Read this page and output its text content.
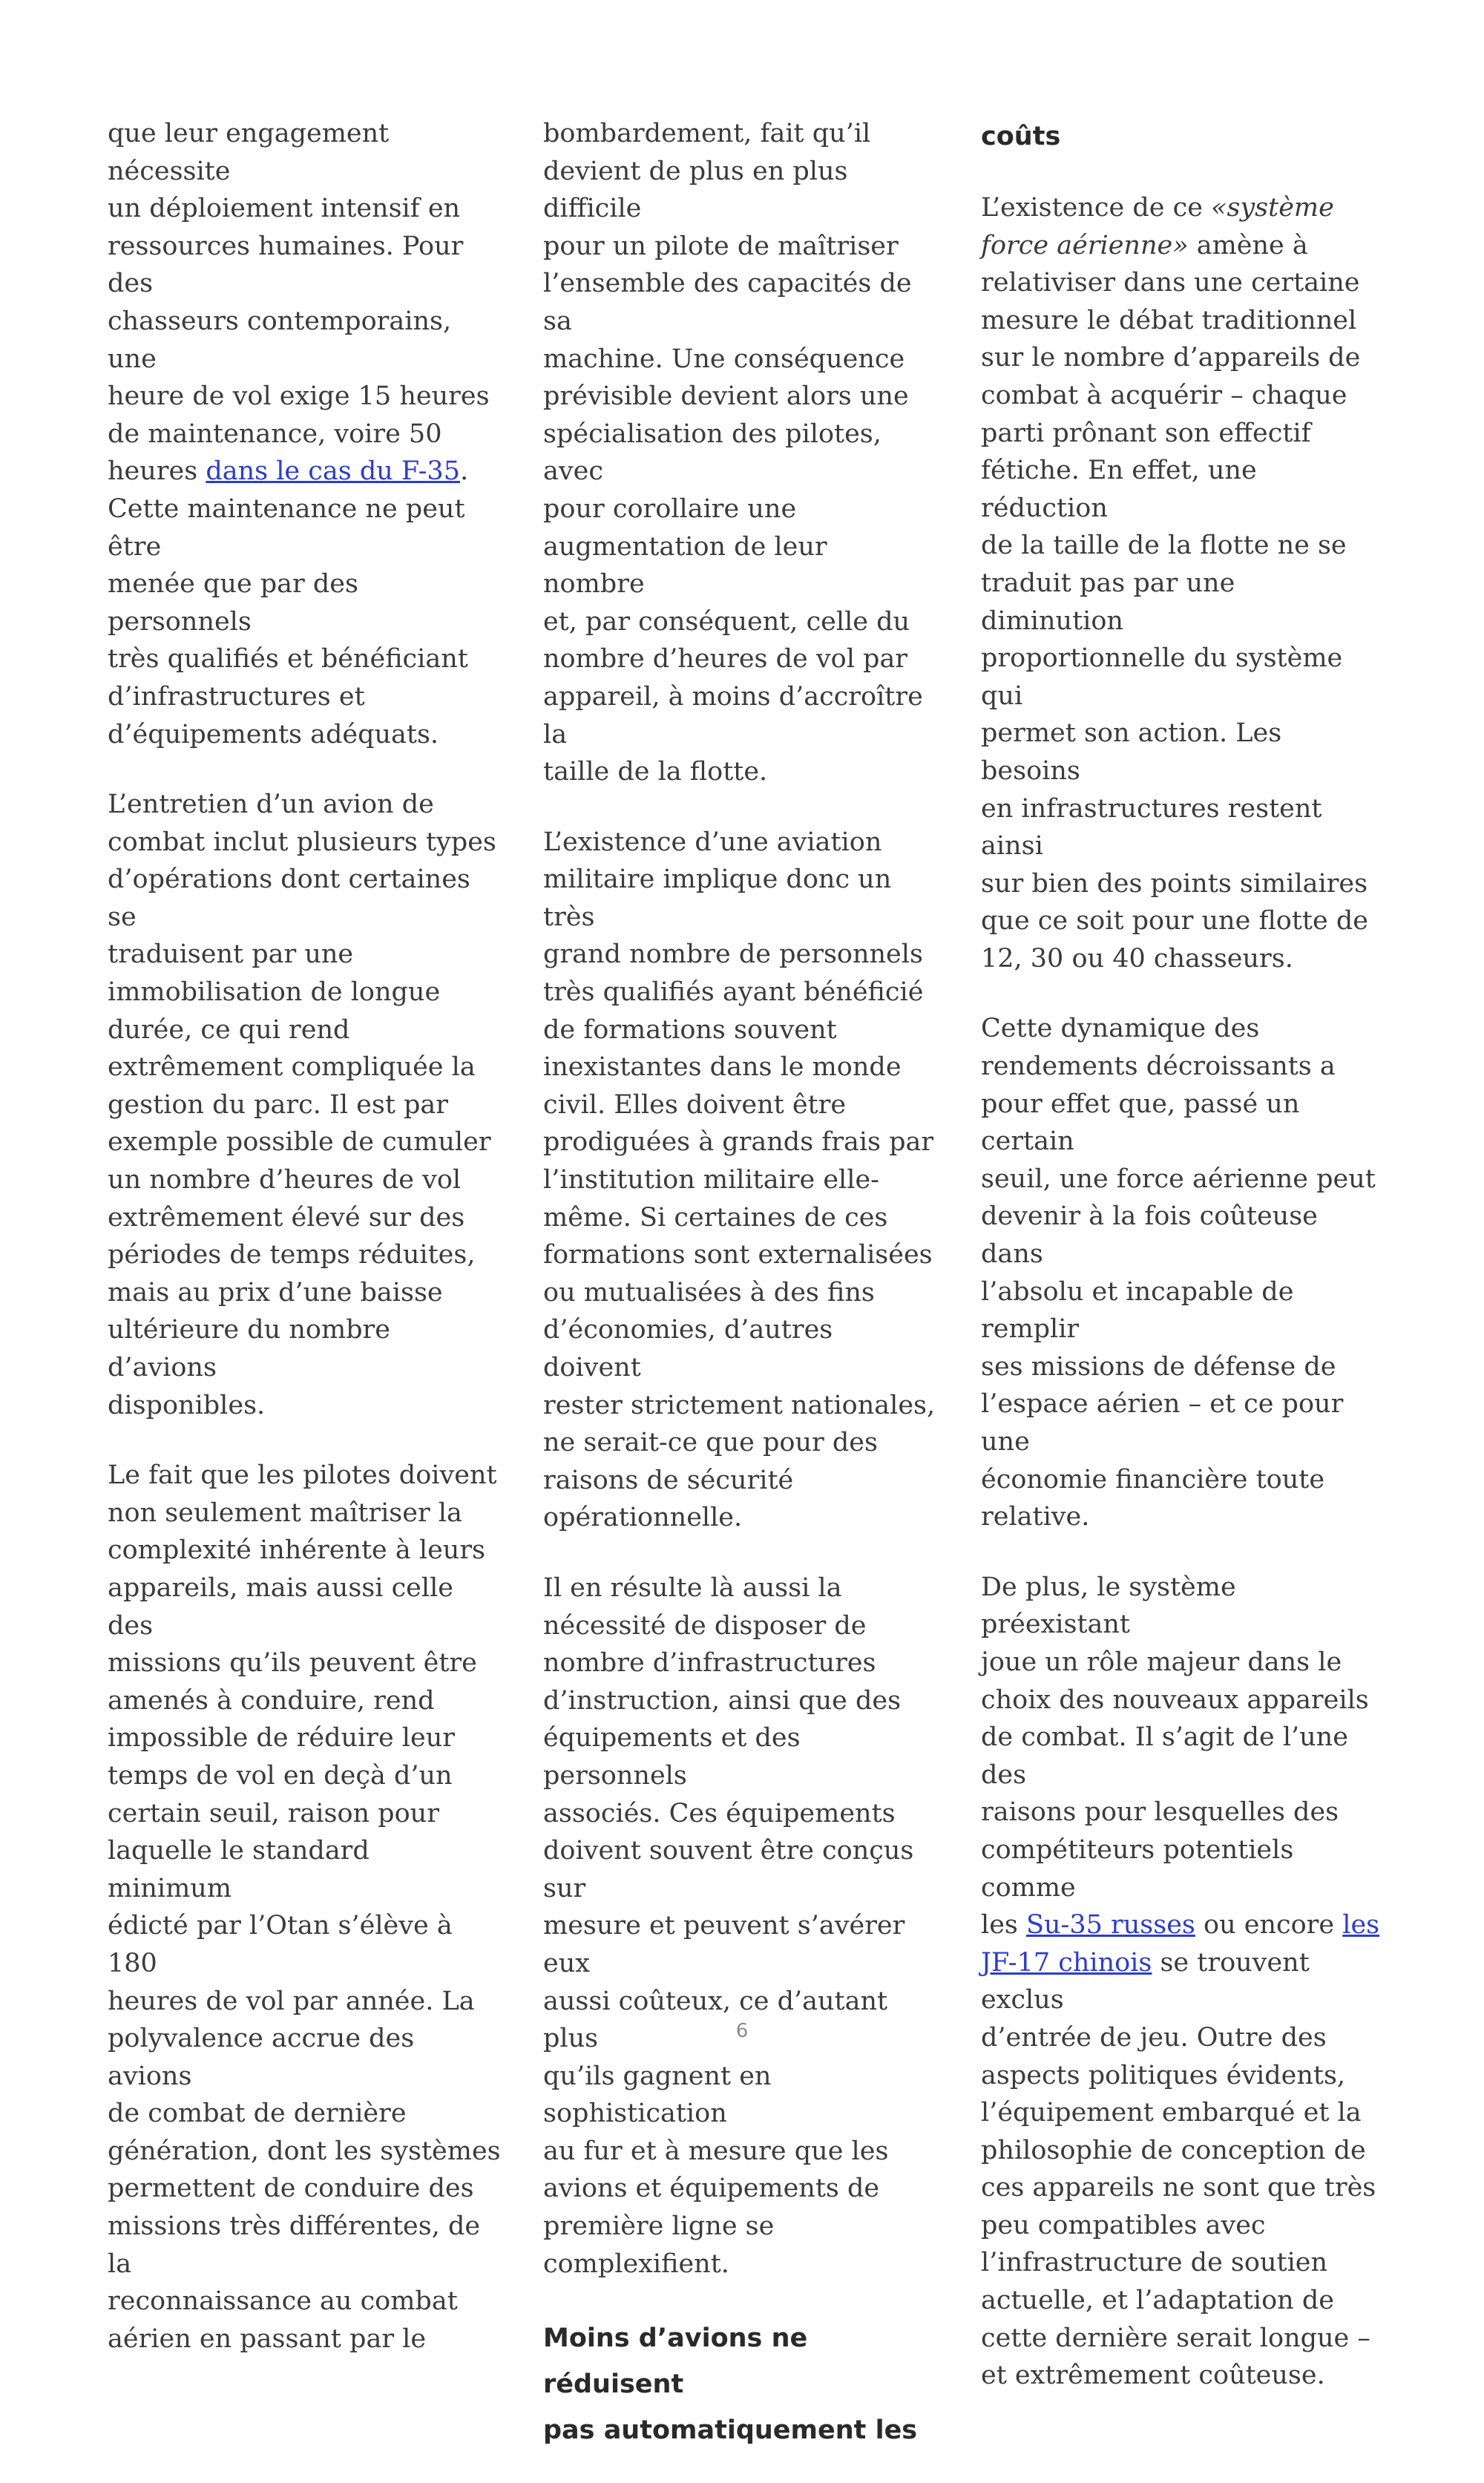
que leur engagement nécessite
un déploiement intensif en
ressources humaines. Pour des
chasseurs contemporains, une
heure de vol exige 15 heures
de maintenance, voire 50
heures dans le cas du F-35.
Cette maintenance ne peut être
menée que par des personnels
très qualifiés et bénéficiant
d’infrastructures et
d’équipements adéquats.

L’entretien d’un avion de
combat inclut plusieurs types
d’opérations dont certaines se
traduisent par une
immobilisation de longue
durée, ce qui rend
extrêmement compliquée la
gestion du parc. Il est par
exemple possible de cumuler
un nombre d’heures de vol
extrêmement élevé sur des
périodes de temps réduites,
mais au prix d’une baisse
ultérieure du nombre d’avions
disponibles.

Le fait que les pilotes doivent
non seulement maîtriser la
complexité inhérente à leurs
appareils, mais aussi celle des
missions qu’ils peuvent être
amenés à conduire, rend
impossible de réduire leur
temps de vol en deçà d’un
certain seuil, raison pour
laquelle le standard minimum
édicté par l’Otan s’élève à 180
heures de vol par année. La
polyvalence accrue des avions
de combat de dernière
génération, dont les systèmes
permettent de conduire des
missions très différentes, de la
reconnaissance au combat
aérien en passant par le

bombardement, fait qu’il
devient de plus en plus difficile
pour un pilote de maîtriser
l’ensemble des capacités de sa
machine. Une conséquence
prévisible devient alors une
spécialisation des pilotes, avec
pour corollaire une
augmentation de leur nombre
et, par conséquent, celle du
nombre d’heures de vol par
appareil, à moins d’accroître la
taille de la flotte.

L’existence d’une aviation
militaire implique donc un très
grand nombre de personnels
très qualifiés ayant bénéficié
de formations souvent
inexistantes dans le monde
civil. Elles doivent être
prodiguées à grands frais par
l’institution militaire elle-
même. Si certaines de ces
formations sont externalisées
ou mutualisées à des fins
d’économies, d’autres doivent
rester strictement nationales,
ne serait-ce que pour des
raisons de sécurité
opérationnelle.

Il en résulte là aussi la
nécessité de disposer de
nombre d’infrastructures
d’instruction, ainsi que des
équipements et des personnels
associés. Ces équipements
doivent souvent être conçus sur
mesure et peuvent s’avérer eux
aussi coûteux, ce d’autant plus
qu’ils gagnent en sophistication
au fur et à mesure que les
avions et équipements de
première ligne se
complexifient.

Moins d’avions ne réduisent
pas automatiquement les
coûts

L’existence de ce «système
force aérienne» amène à
relativiser dans une certaine
mesure le débat traditionnel
sur le nombre d’appareils de
combat à acquérir – chaque
parti prônant son effectif
fétiche. En effet, une réduction
de la taille de la flotte ne se
traduit pas par une diminution
proportionnelle du système qui
permet son action. Les besoins
en infrastructures restent ainsi
sur bien des points similaires
que ce soit pour une flotte de
12, 30 ou 40 chasseurs.

Cette dynamique des
rendements décroissants a
pour effet que, passé un certain
seuil, une force aérienne peut
devenir à la fois coûteuse dans
l’absolu et incapable de remplir
ses missions de défense de
l’espace aérien – et ce pour une
économie financière toute
relative.

De plus, le système préexistant
joue un rôle majeur dans le
choix des nouveaux appareils
de combat. Il s’agit de l’une des
raisons pour lesquelles des
compétiteurs potentiels comme
les Su-35 russes ou encore les
JF-17 chinois se trouvent exclus
d’entrée de jeu. Outre des
aspects politiques évidents,
l’équipement embarqué et la
philosophie de conception de
ces appareils ne sont que très
peu compatibles avec
l’infrastructure de soutien
actuelle, et l’adaptation de
cette dernière serait longue –
et extrêmement coûteuse.

6
